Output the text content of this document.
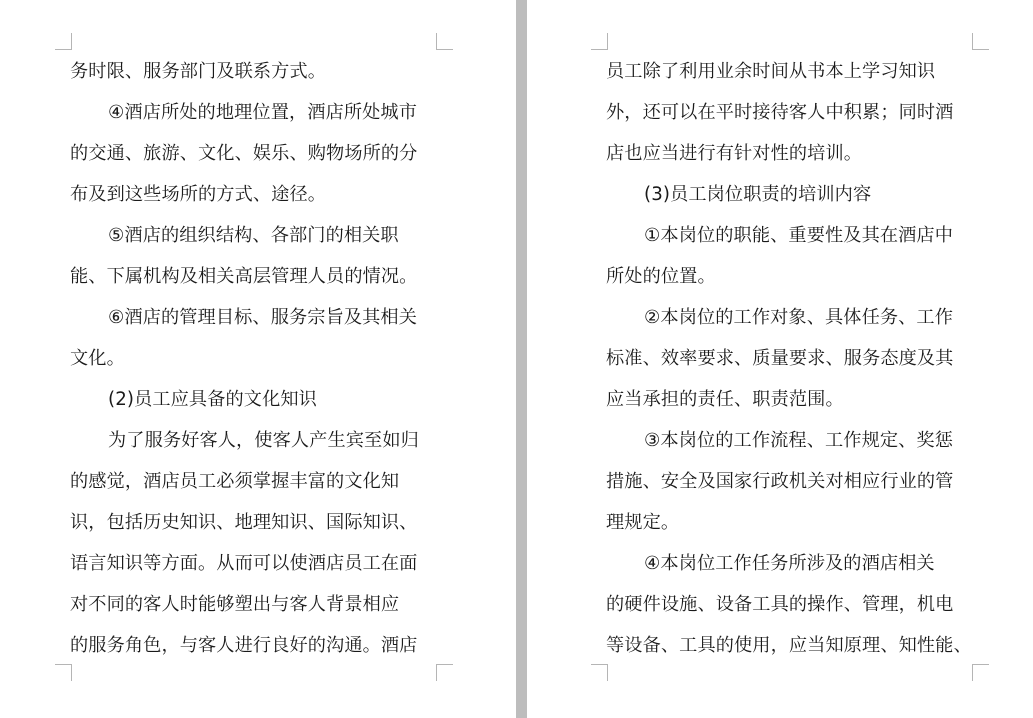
务时限、服务部门及联系方式。
④酒店所处的地理位置，酒店所处城市
的交通、旅游、文化、娱乐、购物场所的分
布及到这些场所的方式、途径。
⑤酒店的组织结构、各部门的相关职
能、下属机构及相关高层管理人员的情况。
⑥酒店的管理目标、服务宗旨及其相关
文化。
(2)员工应具备的文化知识
为了服务好客人，使客人产生宾至如归
的感觉，酒店员工必须掌握丰富的文化知
识，包括历史知识、地理知识、国际知识、
语言知识等方面。从而可以使酒店员工在面
对不同的客人时能够塑出与客人背景相应
的服务角色，与客人进行良好的沟通。酒店
员工除了利用业余时间从书本上学习知识
外，还可以在平时接待客人中积累；同时酒
店也应当进行有针对性的培训。
(3)员工岗位职责的培训内容
①本岗位的职能、重要性及其在酒店中
所处的位置。
②本岗位的工作对象、具体任务、工作
标准、效率要求、质量要求、服务态度及其
应当承担的责任、职责范围。
③本岗位的工作流程、工作规定、奖惩
措施、安全及国家行政机关对相应行业的管
理规定。
④本岗位工作任务所涉及的酒店相关
的硬件设施、设备工具的操作、管理，机电
等设备、工具的使用，应当知原理、知性能、
